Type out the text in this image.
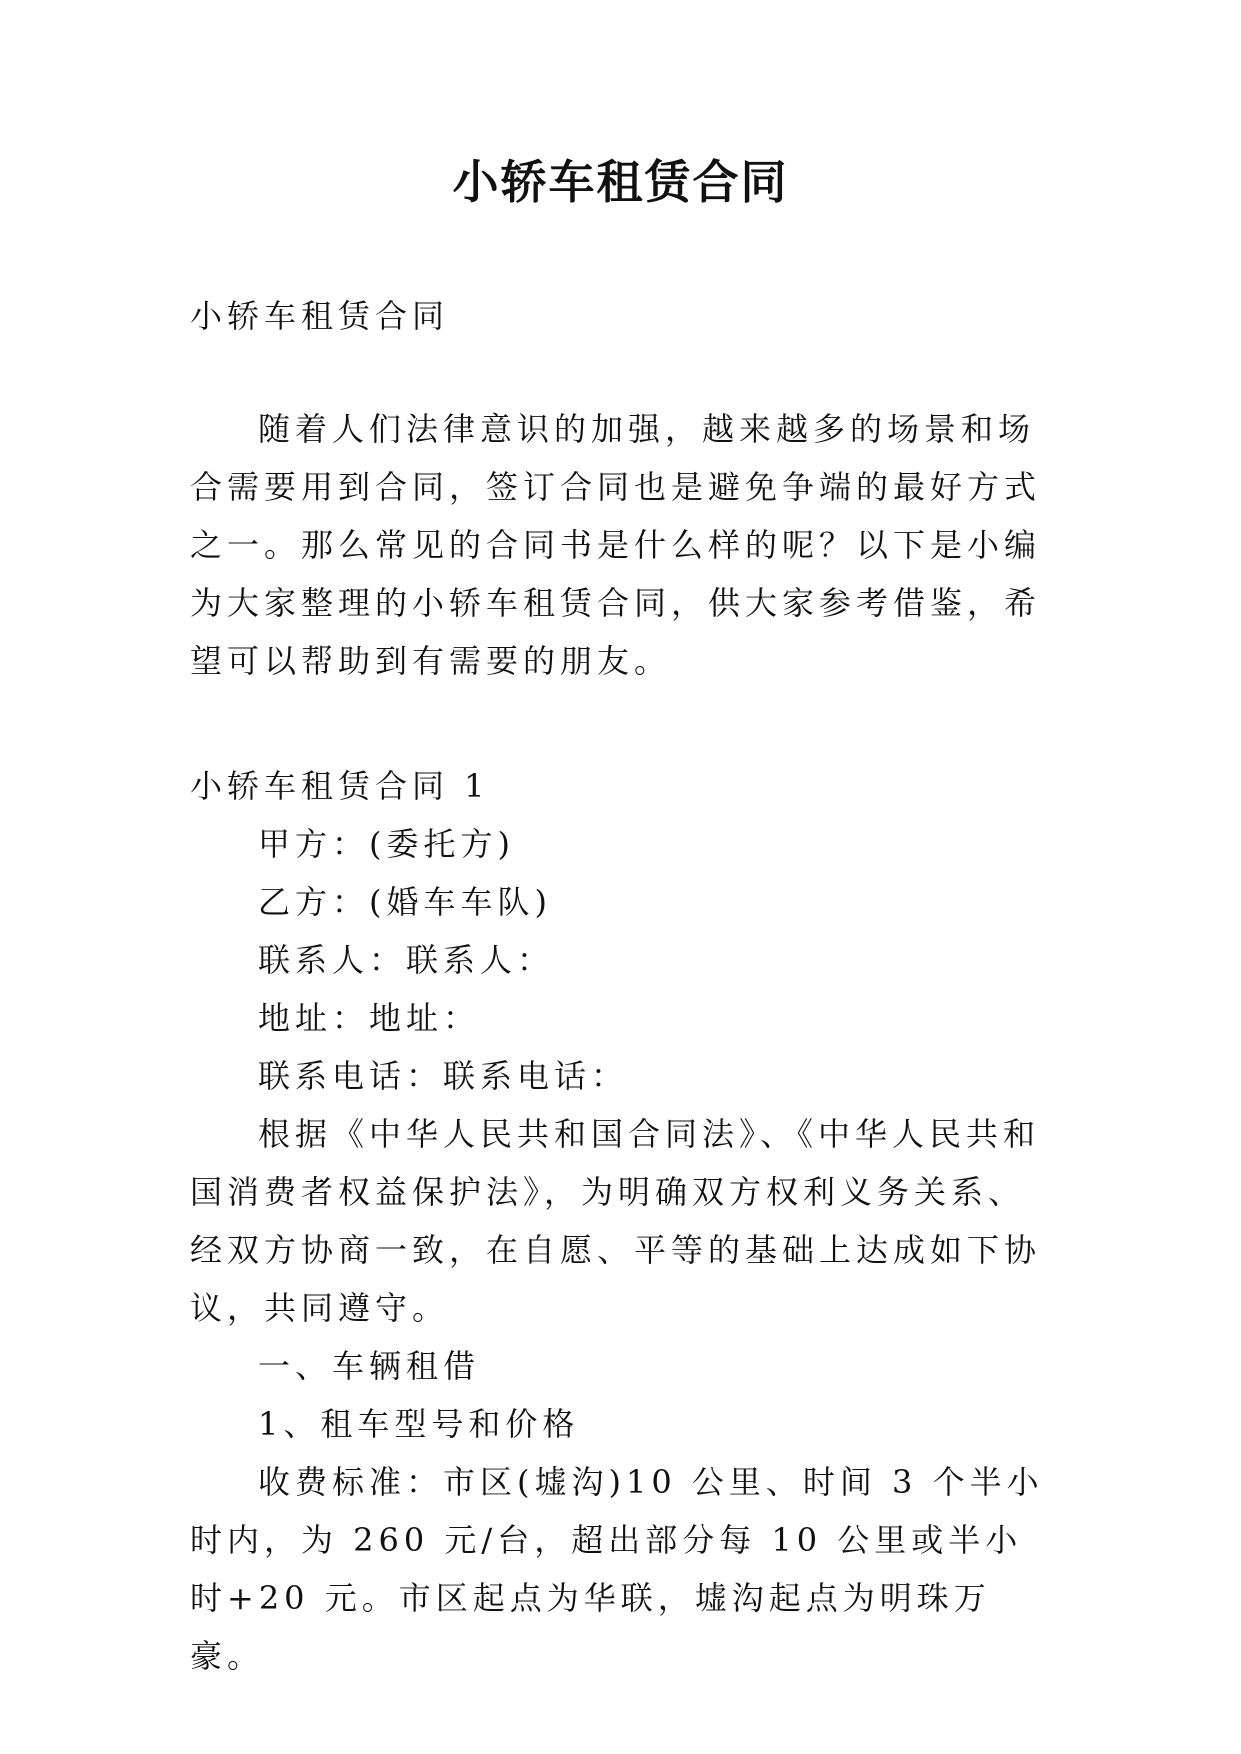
小轿车租赁合同

小轿车租赁合同

随着人们法律意识的加强，越来越多的场景和场合需要用到合同，签订合同也是避免争端的最好方式之一。那么常见的合同书是什么样的呢？以下是小编为大家整理的小轿车租赁合同，供大家参考借鉴，希望可以帮助到有需要的朋友。

小轿车租赁合同 1

甲方：(委托方)

乙方：(婚车车队)

联系人：联系人：

地址：地址：

联系电话：联系电话：

根据《中华人民共和国合同法》、《中华人民共和国消费者权益保护法》，为明确双方权利义务关系、经双方协商一致，在自愿、平等的基础上达成如下协议，共同遵守。

一、车辆租借

1、租车型号和价格

收费标准：市区(墟沟)10 公里、时间 3 个半小时内，为 260 元/台，超出部分每 10 公里或半小时+20 元。市区起点为华联，墟沟起点为明珠万豪。
